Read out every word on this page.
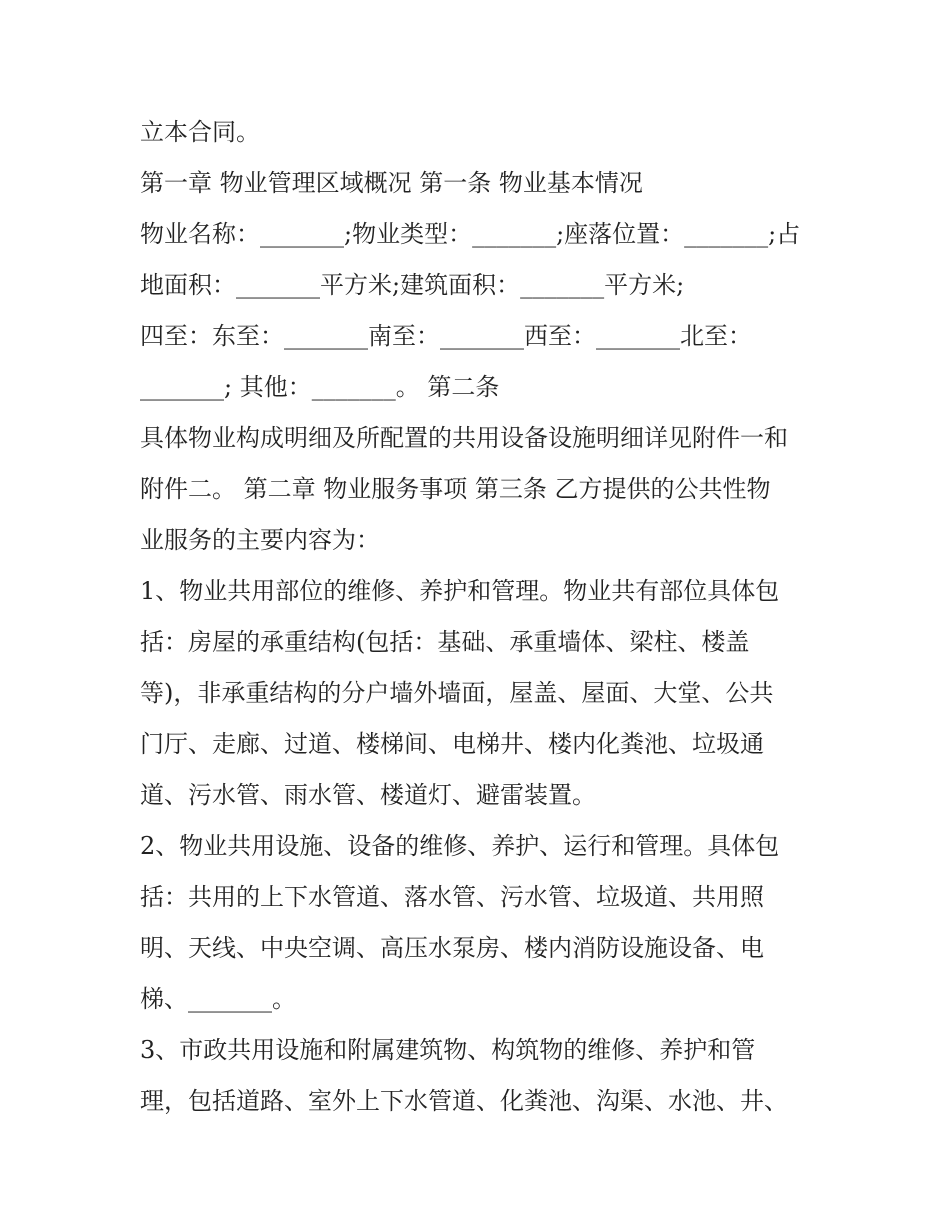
立本合同。
第一章 物业管理区域概况 第一条 物业基本情况
物业名称：_______;物业类型：_______;座落位置：_______;占
地面积：_______平方米;建筑面积：_______平方米;
四至：东至：_______南至：_______西至：_______北至：
_______; 其他：_______。 第二条
具体物业构成明细及所配置的共用设备设施明细详见附件一和
附件二。 第二章 物业服务事项 第三条 乙方提供的公共性物
业服务的主要内容为：
1、物业共用部位的维修、养护和管理。物业共有部位具体包
括：房屋的承重结构(包括：基础、承重墙体、梁柱、楼盖
等)，非承重结构的分户墙外墙面，屋盖、屋面、大堂、公共
门厅、走廊、过道、楼梯间、电梯井、楼内化粪池、垃圾通
道、污水管、雨水管、楼道灯、避雷装置。
2、物业共用设施、设备的维修、养护、运行和管理。具体包
括：共用的上下水管道、落水管、污水管、垃圾道、共用照
明、天线、中央空调、高压水泵房、楼内消防设施设备、电
梯、_______。
3、市政共用设施和附属建筑物、构筑物的维修、养护和管
理，包括道路、室外上下水管道、化粪池、沟渠、水池、井、
